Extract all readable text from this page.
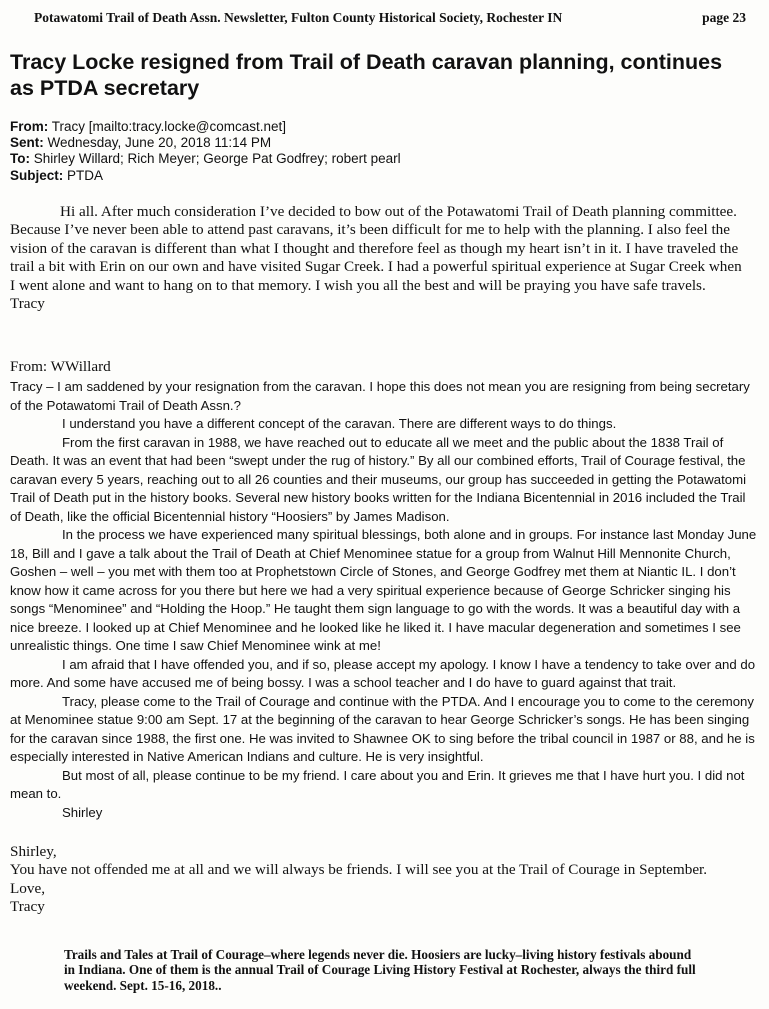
Potawatomi Trail of Death Assn. Newsletter, Fulton County Historical Society, Rochester IN	page 23
Tracy Locke resigned from Trail of Death caravan planning, continues as PTDA secretary
From: Tracy [mailto:tracy.locke@comcast.net]
Sent: Wednesday, June 20, 2018 11:14 PM
To: Shirley Willard; Rich Meyer; George Pat Godfrey; robert pearl
Subject: PTDA

Hi all. After much consideration I’ve decided to bow out of the Potawatomi Trail of Death planning committee. Because I’ve never been able to attend past caravans, it’s been difficult for me to help with the planning. I also feel the vision of the caravan is different than what I thought and therefore feel as though my heart isn’t in it. I have traveled the trail a bit with Erin on our own and have visited Sugar Creek. I had a powerful spiritual experience at Sugar Creek when I went alone and want to hang on to that memory. I wish you all the best and will be praying you have safe travels.

Tracy

From: WWillard

Tracy – I am saddened by your resignation from the caravan. I hope this does not mean you are resigning from being secretary of the Potawatomi Trail of Death Assn.?

I understand you have a different concept of the caravan. There are different ways to do things.

From the first caravan in 1988, we have reached out to educate all we meet and the public about the 1838 Trail of Death. It was an event that had been “swept under the rug of history.” By all our combined efforts, Trail of Courage festival, the caravan every 5 years, reaching out to all 26 counties and their museums, our group has succeeded in getting the Potawatomi Trail of Death put in the history books. Several new history books written for the Indiana Bicentennial in 2016 included the Trail of Death, like the official Bicentennial history “Hoosiers” by James Madison.

In the process we have experienced many spiritual blessings, both alone and in groups. For instance last Monday June 18, Bill and I gave a talk about the Trail of Death at Chief Menominee statue for a group from Walnut Hill Mennonite Church, Goshen – well – you met with them too at Prophetstown Circle of Stones, and George Godfrey met them at Niantic IL. I don’t know how it came across for you there but here we had a very spiritual experience because of George Schricker singing his songs “Menominee” and “Holding the Hoop.” He taught them sign language to go with the words. It was a beautiful day with a nice breeze. I looked up at Chief Menominee and he looked like he liked it. I have macular degeneration and sometimes I see unrealistic things. One time I saw Chief Menominee wink at me!

I am afraid that I have offended you, and if so, please accept my apology. I know I have a tendency to take over and do more. And some have accused me of being bossy. I was a school teacher and I do have to guard against that trait.

Tracy, please come to the Trail of Courage and continue with the PTDA. And I encourage you to come to the ceremony at Menominee statue 9:00 am Sept. 17 at the beginning of the caravan to hear George Schricker’s songs. He has been singing for the caravan since 1988, the first one. He was invited to Shawnee OK to sing before the tribal council in 1987 or 88, and he is especially interested in Native American Indians and culture. He is very insightful.

But most of all, please continue to be my friend. I care about you and Erin. It grieves me that I have hurt you. I did not mean to.

Shirley

Shirley,

You have not offended me at all and we will always be friends. I will see you at the Trail of Courage in September.

Love,

Tracy

Trails and Tales at Trail of Courage–where legends never die. Hoosiers are lucky–living history festivals abound in Indiana. One of them is the annual Trail of Courage Living History Festival at Rochester, always the third full weekend. Sept. 15-16, 2018..
